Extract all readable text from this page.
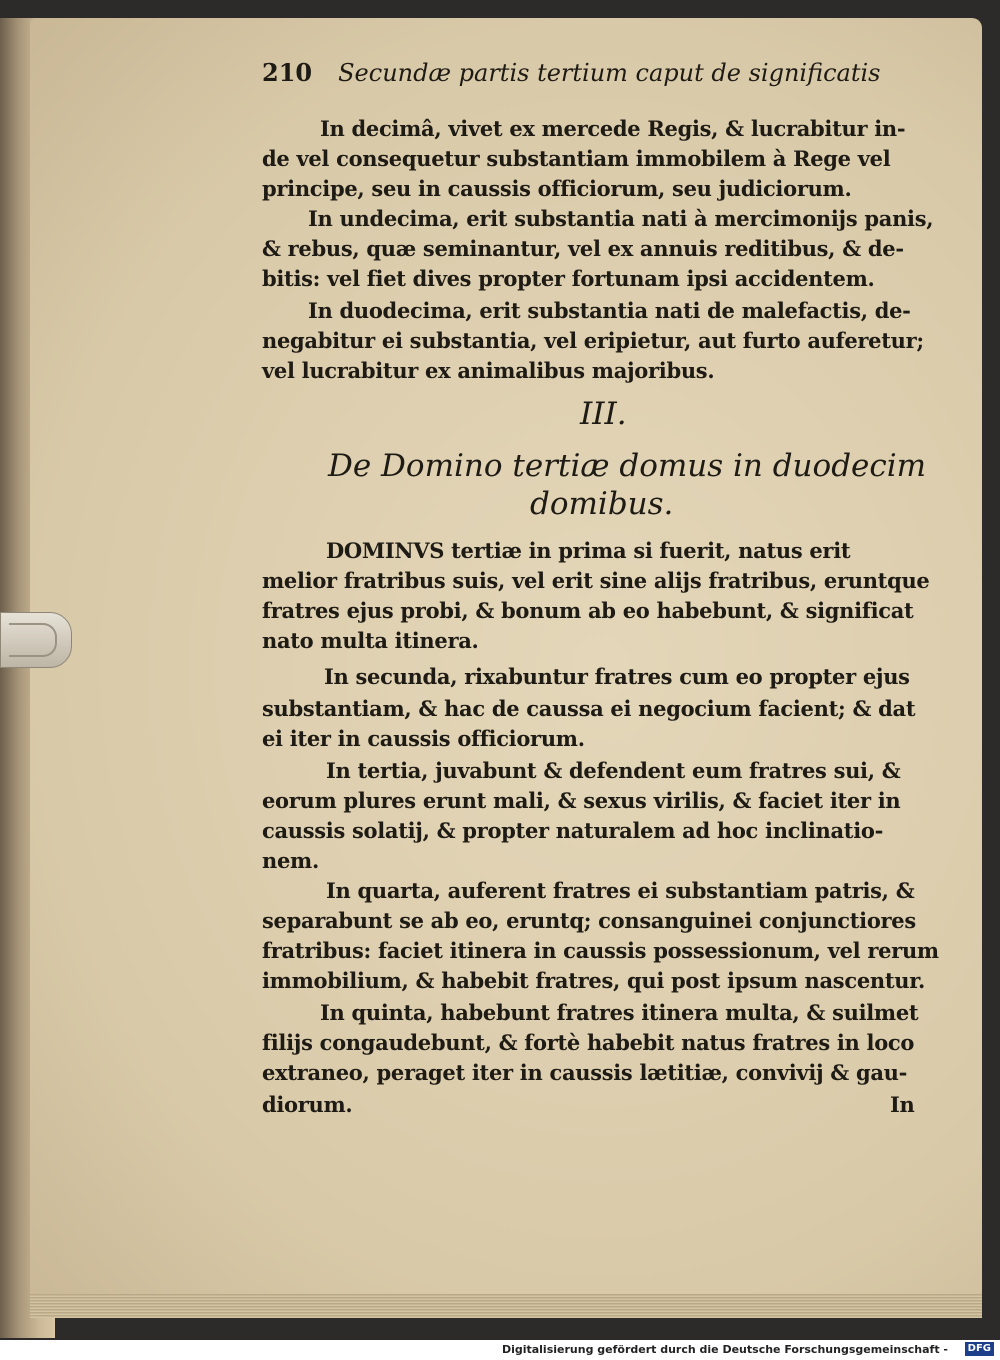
210 Secundæ partis tertium caput de significatis
In decimâ, vivet ex mercede Regis, & lucrabitur in-
de vel consequetur substantiam immobilem à Rege vel
principe, seu in caussis officiorum, seu judiciorum.
In undecima, erit substantia nati à mercimonijs panis,
& rebus, quæ seminantur, vel ex annuis reditibus, & de-
bitis: vel fiet dives propter fortunam ipsi accidentem.
In duodecima, erit substantia nati de malefactis, de-
negabitur ei substantia, vel eripietur, aut furto auferetur;
vel lucrabitur ex animalibus majoribus.
III.
De Domino tertiæ domus in duodecim
domibus.
DOMINVS tertiæ in prima si fuerit, natus erit
melior fratribus suis, vel erit sine alijs fratribus, eruntque
fratres ejus probi, & bonum ab eo habebunt, & significat
nato multa itinera.
In secunda, rixabuntur fratres cum eo propter ejus
substantiam, & hac de caussa ei negocium facient; & dat
ei iter in caussis officiorum.
In tertia, juvabunt & defendent eum fratres sui, &
eorum plures erunt mali, & sexus virilis, & faciet iter in
caussis solatij, & propter naturalem ad hoc inclinatio-
nem.
In quarta, auferent fratres ei substantiam patris, &
separabunt se ab eo, eruntq; consanguinei conjunctiores
fratribus: faciet itinera in caussis possessionum, vel rerum
immobilium, & habebit fratres, qui post ipsum nascentur.
In quinta, habebunt fratres itinera multa, & suilmet
filijs congaudebunt, & fortè habebit natus fratres in loco
extraneo, peraget iter in caussis lætitiæ, convivij & gau-
diorum.	In
Digitalisierung gefördert durch die Deutsche Forschungsgemeinschaft -	DFG
